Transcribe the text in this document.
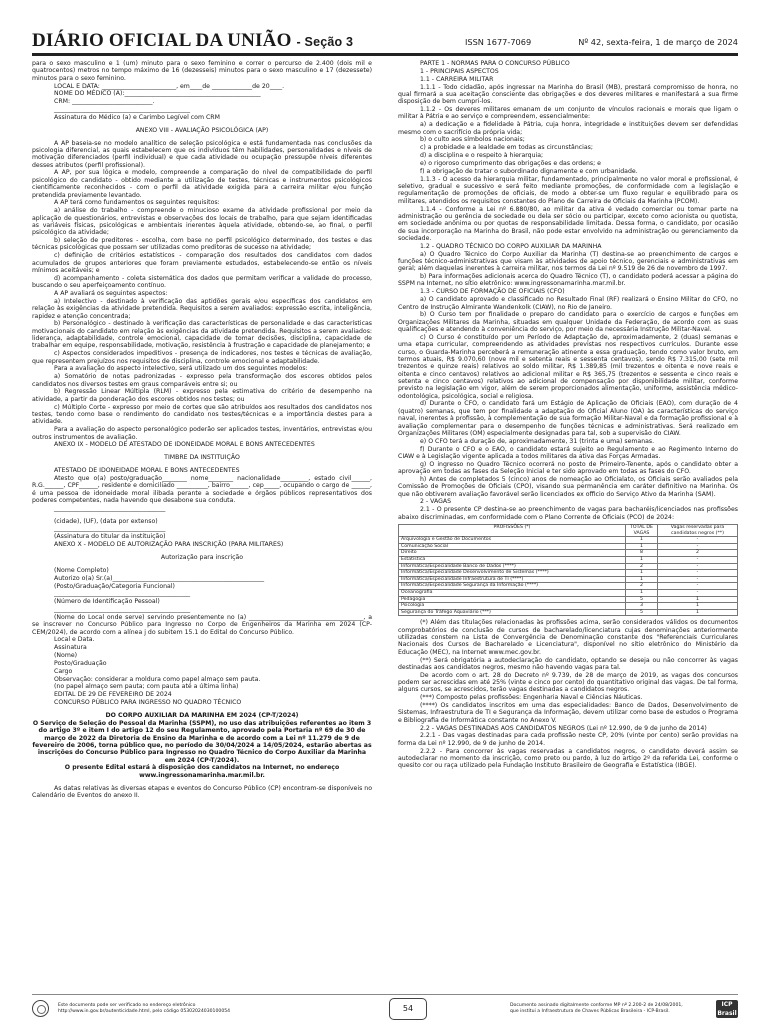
DIÁRIO OFICIAL DA UNIÃO - Seção 3	ISSN 1677-7069	Nº 42, sexta-feira, 1 de março de 2024

para o sexo masculino e 1 (um) minuto para o sexo feminino e correr o percurso de 2.400 (dois mil e quatrocentos) metros no tempo máximo de 16 (dezesseis) minutos para o sexo masculino e 17 (dezessete) minutos para o sexo feminino.

LOCAL E DATA: ________________________, em____de _____________de 20____.

NOME DO MÉDICO (A):____________________________________________

CRM: __________________________.

____________________________________________

Assinatura do Médico (a) e Carimbo Legível com CRM

ANEXO VIII - AVALIAÇÃO PSICOLÓGICA (AP)

A AP baseia-se no modelo analítico de seleção psicológica e está fundamentada nas conclusões da psicologia diferencial, as quais estabelecem que os indivíduos têm habilidades, personalidades e níveis de motivação diferenciados (perfil individual) e que cada atividade ou ocupação pressupõe níveis diferentes desses atributos (perfil profissional).

A AP, por sua lógica e modelo, compreende a comparação do nível de compatibilidade do perfil psicológico do candidato - obtido mediante a utilização de testes, técnicas e instrumentos psicológicos cientificamente reconhecidos - com o perfil da atividade exigida para a carreira militar e/ou função pretendida previamente levantado.

A AP terá como fundamentos os seguintes requisitos:

a) análise do trabalho - compreende o minucioso exame da atividade profissional por meio da aplicação de questionários, entrevistas e observações dos locais de trabalho, para que sejam identificadas as variáveis físicas, psicológicas e ambientais inerentes àquela atividade, obtendo-se, ao final, o perfil psicológico da atividade;

b) seleção de preditores - escolha, com base no perfil psicológico determinado, dos testes e das técnicas psicológicas que possam ser utilizadas como preditoras de sucesso na atividade;

c) definição de critérios estatísticos - comparação dos resultados dos candidatos com dados acumulados de grupos anteriores que foram previamente estudados, estabelecendo-se então os níveis mínimos aceitáveis; e

d) acompanhamento - coleta sistemática dos dados que permitam verificar a validade do processo, buscando o seu aperfeiçoamento contínuo.

A AP avaliará os seguintes aspectos:

a) Intelectivo - destinado à verificação das aptidões gerais e/ou específicas dos candidatos em relação às exigências da atividade pretendida. Requisitos a serem avaliados: expressão escrita, inteligência, rapidez e atenção concentrada;

b) Personalógico - destinado à verificação das características de personalidade e das características motivacionais do candidato em relação às exigências da atividade pretendida. Requisitos a serem avaliados: liderança, adaptabilidade, controle emocional, capacidade de tomar decisões, disciplina, capacidade de trabalhar em equipe, responsabilidade, motivação, resistência à frustração e capacidade de planejamento; e

c) Aspectos considerados impeditivos - presença de indicadores, nos testes e técnicas de avaliação, que representem prejuízos nos requisitos de disciplina, controle emocional e adaptabilidade.

Para a avaliação do aspecto intelectivo, será utilizado um dos seguintes modelos:

a) Somatório de notas padronizadas - expresso pela transformação dos escores obtidos pelos candidatos nos diversos testes em graus comparáveis entre si; ou

b) Regressão Linear Múltipla (RLM) - expresso pela estimativa do critério de desempenho na atividade, a partir da ponderação dos escores obtidos nos testes; ou

c) Múltiplo Corte - expresso por meio de cortes que são atribuídos aos resultados dos candidatos nos testes, tendo como base o rendimento do candidato nos testes/técnicas e a importância destes para a atividade.

Para a avaliação do aspecto personalógico poderão ser aplicados testes, inventários, entrevistas e/ou outros instrumentos de avaliação.

ANEXO IX - MODELO DE ATESTADO DE IDONEIDADE MORAL E BONS ANTECEDENTES

TIMBRE DA INSTITUIÇÃO

ATESTADO DE IDONEIDADE MORAL E BONS ANTECEDENTES

Atesto que o(a) posto/graduação________ nome________ nacionalidade_________, estado civil______, R.G.______, CPF______, residente e domiciliado __________, bairro______, cep_____, ocupando o cargo de ______, é uma pessoa de idoneidade moral ilibada perante a sociedade e órgãos públicos representativos dos poderes competentes, nada havendo que desabone sua conduta.

____________________________________

(cidade), (UF), (data por extenso)

____________________________________

(Assinatura do titular da instituição)

ANEXO X - MODELO DE AUTORIZAÇÃO PARA INSCRIÇÃO (PARA MILITARES)

Autorização para inscrição

(Nome Completo)

Autorizo o(a) Sr.(a)_________________________________________________

(Posto/Graduação/Categoria Funcional)

____________________________________________

(Número de Identificação Pessoal)

____________________________________________

(Nome do Local onde serve) servindo presentemente no (a) _____________________________________, a se inscrever no Concurso Público para Ingresso no Corpo de Engenheiros da Marinha em 2024 (CP-CEM/2024), de acordo com a alínea j do subitem 15.1 do Edital do Concurso Público.

Local e Data.

Assinatura

(Nome)

Posto/Graduação

Cargo

Observação: considerar a moldura como papel almaço sem pauta.

(no papel almaço sem pauta; com pauta até a última linha)

EDITAL DE 29 DE FEVEREIRO DE 2024

CONCURSO PÚBLICO PARA INGRESSO NO QUADRO TÉCNICO

DO CORPO AUXILIAR DA MARINHA EM 2024 (CP-T/2024)

O Serviço de Seleção do Pessoal da Marinha (SSPM), no uso das atribuições referentes ao item 3 do artigo 3º e item I do artigo 12 do seu Regulamento, aprovado pela Portaria nº 69 de 30 de março de 2022 da Diretoria de Ensino da Marinha e de acordo com a Lei nº 11.279 de 9 de fevereiro de 2006, torna público que, no período de 30/04/2024 a 14/05/2024, estarão abertas as inscrições do Concurso Público para Ingresso no Quadro Técnico do Corpo Auxiliar da Marinha em 2024 (CP-T/2024).

O presente Edital estará à disposição dos candidatos na Internet, no endereço www.ingressonamarinha.mar.mil.br.

As datas relativas às diversas etapas e eventos do Concurso Público (CP) encontram-se disponíveis no Calendário de Eventos do anexo II.

PARTE 1 - NORMAS PARA O CONCURSO PÚBLICO

1 - PRINCIPAIS ASPECTOS

1.1 - CARREIRA MILITAR

1.1.1 - Todo cidadão, após ingressar na Marinha do Brasil (MB), prestará compromisso de honra, no qual firmará a sua aceitação consciente das obrigações e dos deveres militares e manifestará a sua firme disposição de bem cumpri-los.

1.1.2 - Os deveres militares emanam de um conjunto de vínculos racionais e morais que ligam o militar à Pátria e ao serviço e compreendem, essencialmente:

a) a dedicação e a fidelidade à Pátria, cuja honra, integridade e instituições devem ser defendidas mesmo com o sacrifício da própria vida;

b) o culto aos símbolos nacionais;

c) a probidade e a lealdade em todas as circunstâncias;

d) a disciplina e o respeito à hierarquia;

e) o rigoroso cumprimento das obrigações e das ordens; e

f) a obrigação de tratar o subordinado dignamente e com urbanidade.

1.1.3 - O acesso da hierarquia militar, fundamentado, principalmente no valor moral e profissional, é seletivo, gradual e sucessivo e será feito mediante promoções, de conformidade com a legislação e regulamentação de promoções de oficiais, de modo a obter-se um fluxo regular e equilibrado para os militares, atendidos os requisitos constantes do Plano de Carreira de Oficiais da Marinha (PCOM).

1.1.4 - Conforme a Lei nº 6.880/80, ao militar da ativa é vedado comerciar ou tomar parte na administração ou gerência de sociedade ou dela ser sócio ou participar, exceto como acionista ou quotista, em sociedade anônima ou por quotas de responsabilidade limitada. Dessa forma, o candidato, por ocasião de sua incorporação na Marinha do Brasil, não pode estar envolvido na administração ou gerenciamento da sociedade.

1.2 - QUADRO TÉCNICO DO CORPO AUXILIAR DA MARINHA

a) O Quadro Técnico do Corpo Auxiliar da Marinha (T) destina-se ao preenchimento de cargos e funções técnico-administrativas que visam às atividades de apoio técnico, gerenciais e administrativas em geral; além daquelas inerentes à carreira militar, nos termos da Lei nº 9.519 de 26 de novembro de 1997.

b) Para informações adicionais acerca do Quadro Técnico (T), o candidato poderá acessar a página do SSPM na Internet, no sítio eletrônico: www.ingressonamarinha.mar.mil.br.

1.3 - CURSO DE FORMAÇÃO DE OFICIAIS (CFO)

a) O candidato aprovado e classificado no Resultado Final (RF) realizará o Ensino Militar do CFO, no Centro de Instrução Almirante Wandenkolk (CIAW), no Rio de Janeiro.

b) O Curso tem por finalidade o preparo do candidato para o exercício de cargos e funções em Organizações Militares da Marinha, situadas em qualquer Unidade da Federação, de acordo com as suas qualificações e atendendo à conveniência do serviço, por meio da necessária Instrução Militar-Naval.

c) O Curso é constituído por um Período de Adaptação de, aproximadamente, 2 (duas) semanas e uma etapa curricular, compreendendo as atividades previstas nos respectivos currículos. Durante esse curso, o Guarda-Marinha perceberá a remuneração atinente a essa graduação, tendo como valor bruto, em termos atuais, R$ 9.070,60 (nove mil e setenta reais e sessenta centavos), sendo R$ 7.315,00 (sete mil trezentos e quinze reais) relativos ao soldo militar, R$ 1.389,85 (mil trezentos e oitenta e nove reais e oitenta e cinco centavos) relativos ao adicional militar e R$ 365,75 (trezentos e sessenta e cinco reais e setenta e cinco centavos) relativos ao adicional de compensação por disponibilidade militar, conforme previsto na legislação em vigor, além de serem proporcionados alimentação, uniforme, assistência médico-odontológica, psicológica, social e religiosa.

d) Durante o CFO, o candidato fará um Estágio de Aplicação de Oficiais (EAO), com duração de 4 (quatro) semanas, que tem por finalidade a adaptação do Oficial Aluno (OA) às características do serviço naval, inerentes à profissão, à complementação de sua formação Militar-Naval e da formação profissional e à avaliação complementar para o desempenho de funções técnicas e administrativas. Será realizado em Organizações Militares (OM) especialmente designadas para tal, sob a supervisão do CIAW.

e) O CFO terá a duração de, aproximadamente, 31 (trinta e uma) semanas.

f) Durante o CFO e o EAO, o candidato estará sujeito ao Regulamento e ao Regimento Interno do CIAW e à Legislação vigente aplicada a todos militares da ativa das Forças Armadas.

g) O ingresso no Quadro Técnico ocorrerá no posto de Primeiro-Tenente, após o candidato obter a aprovação em todas as fases da Seleção Inicial e ter sido aprovado em todas as fases do CFO.

h) Antes de completados 5 (cinco) anos de nomeação ao Oficialato, os Oficiais serão avaliados pela Comissão de Promoções de Oficiais (CPO), visando sua permanência em caráter definitivo na Marinha. Os que não obtiverem avaliação favorável serão licenciados ex officio do Serviço Ativo da Marinha (SAM).

2 - VAGAS

2.1 - O presente CP destina-se ao preenchimento de vagas para bacharéis/licenciados nas profissões abaixo discriminadas, em conformidade com o Plano Corrente de Oficiais (PCO) de 2024:

PROFISSÕES (*)	TOTAL DE VAGAS	Vagas reservadas para candidatos negros (**)
Arquivologia e Gestão de Documentos	1	-
Comunicação Social	1	-
Direito	8	2
Estatística	1	-
Informática/Especialidade Banco de Dados (****)	2	-
Informática/Especialidade Desenvolvimento de Sistemas (****)	1	-
Informática/Especialidade Infraestrutura de TI (****)	1	-
Informática/Especialidade Segurança da Informação (****)	2	-
Oceanografia	1	-
Pedagogia	5	1
Psicologia	3	1
Segurança do Tráfego Aquaviário (***)	5	1

(*) Além das titulações relacionadas às profissões acima, serão considerados válidos os documentos comprobatórios de conclusão de cursos de bacharelado/licenciatura cujas denominações anteriormente utilizadas constem na Lista de Convergência de Denominação constante dos "Referenciais Curriculares Nacionais dos Cursos de Bacharelado e Licenciatura", disponível no sítio eletrônico do Ministério da Educação (MEC), na Internet www.mec.gov.br.

(**) Será obrigatória a autodeclaração do candidato, optando se deseja ou não concorrer às vagas destinadas aos candidatos negros, mesmo não havendo vagas para tal.

De acordo com o art. 28 do Decreto nº 9.739, de 28 de março de 2019, as vagas dos concursos podem ser acrescidas em até 25% (vinte e cinco por cento) do quantitativo original das vagas. De tal forma, alguns cursos, se acrescidos, terão vagas destinadas a candidatos negros.

(***) Composto pelas profissões: Engenharia Naval e Ciências Náuticas.

(****) Os candidatos inscritos em uma das especialidades: Banco de Dados, Desenvolvimento de Sistemas, Infraestrutura de TI e Segurança da Informação, devem utilizar como base de estudos o Programa e Bibliografia de Informática constante no Anexo V.

2.2 - VAGAS DESTINADAS AOS CANDIDATOS NEGROS (Lei nº 12.990, de 9 de junho de 2014)

2.2.1 - Das vagas destinadas para cada profissão neste CP, 20% (vinte por cento) serão providas na forma da Lei nº 12.990, de 9 de junho de 2014.

2.2.2 - Para concorrer às vagas reservadas a candidatos negros, o candidato deverá assim se autodeclarar no momento da inscrição, como preto ou pardo, à luz do artigo 2º da referida Lei, conforme o quesito cor ou raça utilizado pela Fundação Instituto Brasileiro de Geografia e Estatística (IBGE).

Este documento pode ser verificado no endereço eletrônico
http://www.in.gov.br/autenticidade.html, pelo código 05302024030100054	54	Documento assinado digitalmente conforme MP nº 2.200-2 de 24/08/2001,
que institui a Infraestrutura de Chaves Públicas Brasileira - ICP-Brasil.
ICP Brasil
